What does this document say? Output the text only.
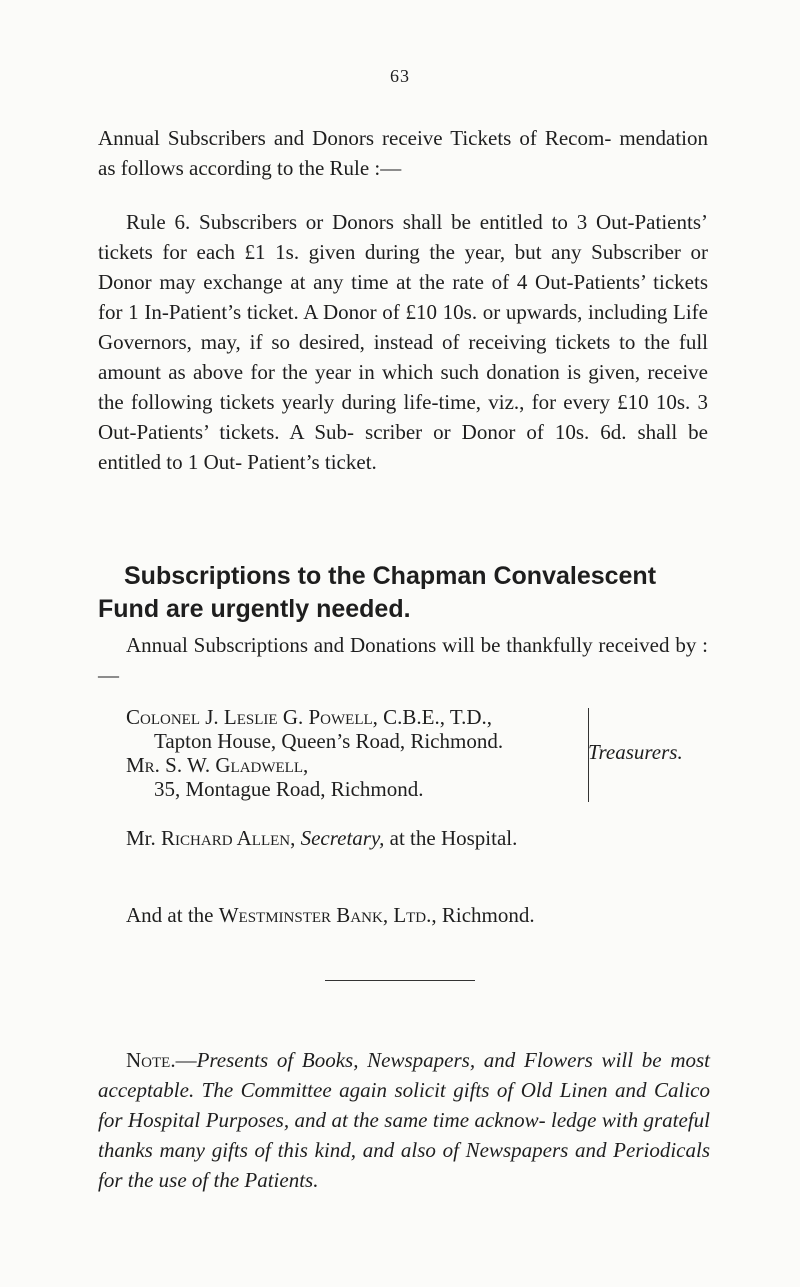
63

Annual Subscribers and Donors receive Tickets of Recom- mendation as follows according to the Rule :—

Rule 6. Subscribers or Donors shall be entitled to 3 Out-Patients’ tickets for each £1 1s. given during the year, but any Subscriber or Donor may exchange at any time at the rate of 4 Out-Patients’ tickets for 1 In-Patient’s ticket. A Donor of £10 10s. or upwards, including Life Governors, may, if so desired, instead of receiving tickets to the full amount as above for the year in which such donation is given, receive the following tickets yearly during life-time, viz., for every £10 10s. 3 Out-Patients’ tickets. A Sub- scriber or Donor of 10s. 6d. shall be entitled to 1 Out- Patient’s ticket.

Subscriptions to the Chapman Convalescent Fund are urgently needed.

Annual Subscriptions and Donations will be thankfully received by :—

Colonel J. Leslie G. Powell, C.B.E., T.D.,
Tapton House, Queen’s Road, Richmond.
Mr. S. W. Gladwell,
35, Montague Road, Richmond.
Treasurers.
Mr. Richard Allen, Secretary, at the Hospital.
And at the Westminster Bank, Ltd., Richmond.

Note.—Presents of Books, Newspapers, and Flowers will be most acceptable. The Committee again solicit gifts of Old Linen and Calico for Hospital Purposes, and at the same time acknow- ledge with grateful thanks many gifts of this kind, and also of Newspapers and Periodicals for the use of the Patients.
